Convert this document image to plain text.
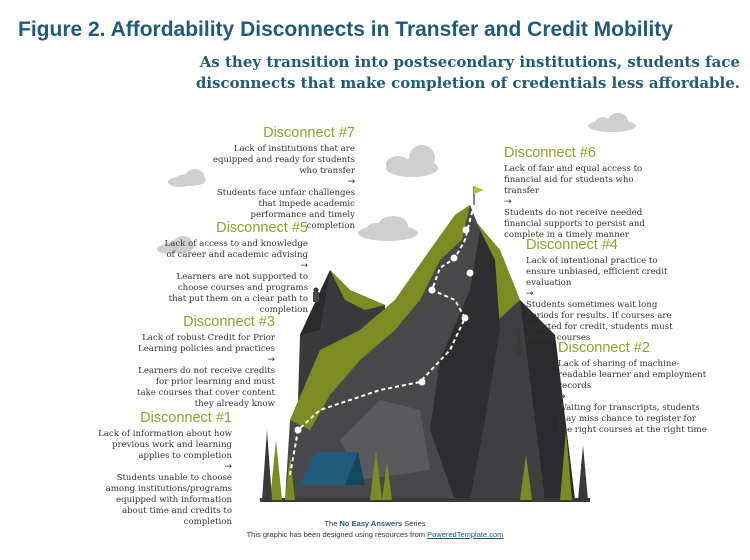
Figure 2. Affordability Disconnects in Transfer and Credit Mobility
As they transition into postsecondary institutions, students face disconnects that make completion of credentials less affordable.
Disconnect #7

Lack of institutions that are equipped and ready for students who transfer

→

Students face unfair challenges that impede academic performance and timely completion

Disconnect #5

Lack of access to and knowledge of career and academic advising

→

Learners are not supported to choose courses and programs that put them on a clear path to completion

Disconnect #3

Lack of robust Credit for Prior Learning policies and practices

→

Learners do not receive credits for prior learning and must take courses that cover content they already know

Disconnect #1

Lack of information about how previous work and learning applies to completion

→

Students unable to choose among institutions/programs equipped with information about time and credits to completion

Disconnect #6

Lack of fair and equal access to financial aid for students who transfer

→

Students do not receive needed financial supports to persist and complete in a timely manner

Disconnect #4

Lack of intentional practice to ensure unbiased, efficient credit evaluation

→

Students sometimes wait long periods for results. If courses are rejected for credit, students must retake courses

Disconnect #2

Lack of sharing of machine-readable learner and employment records

→

Waiting for transcripts, students may miss chance to register for the right courses at the right time

The No Easy Answers Series
This graphic has been designed using resources from PoweredTemplate.com
